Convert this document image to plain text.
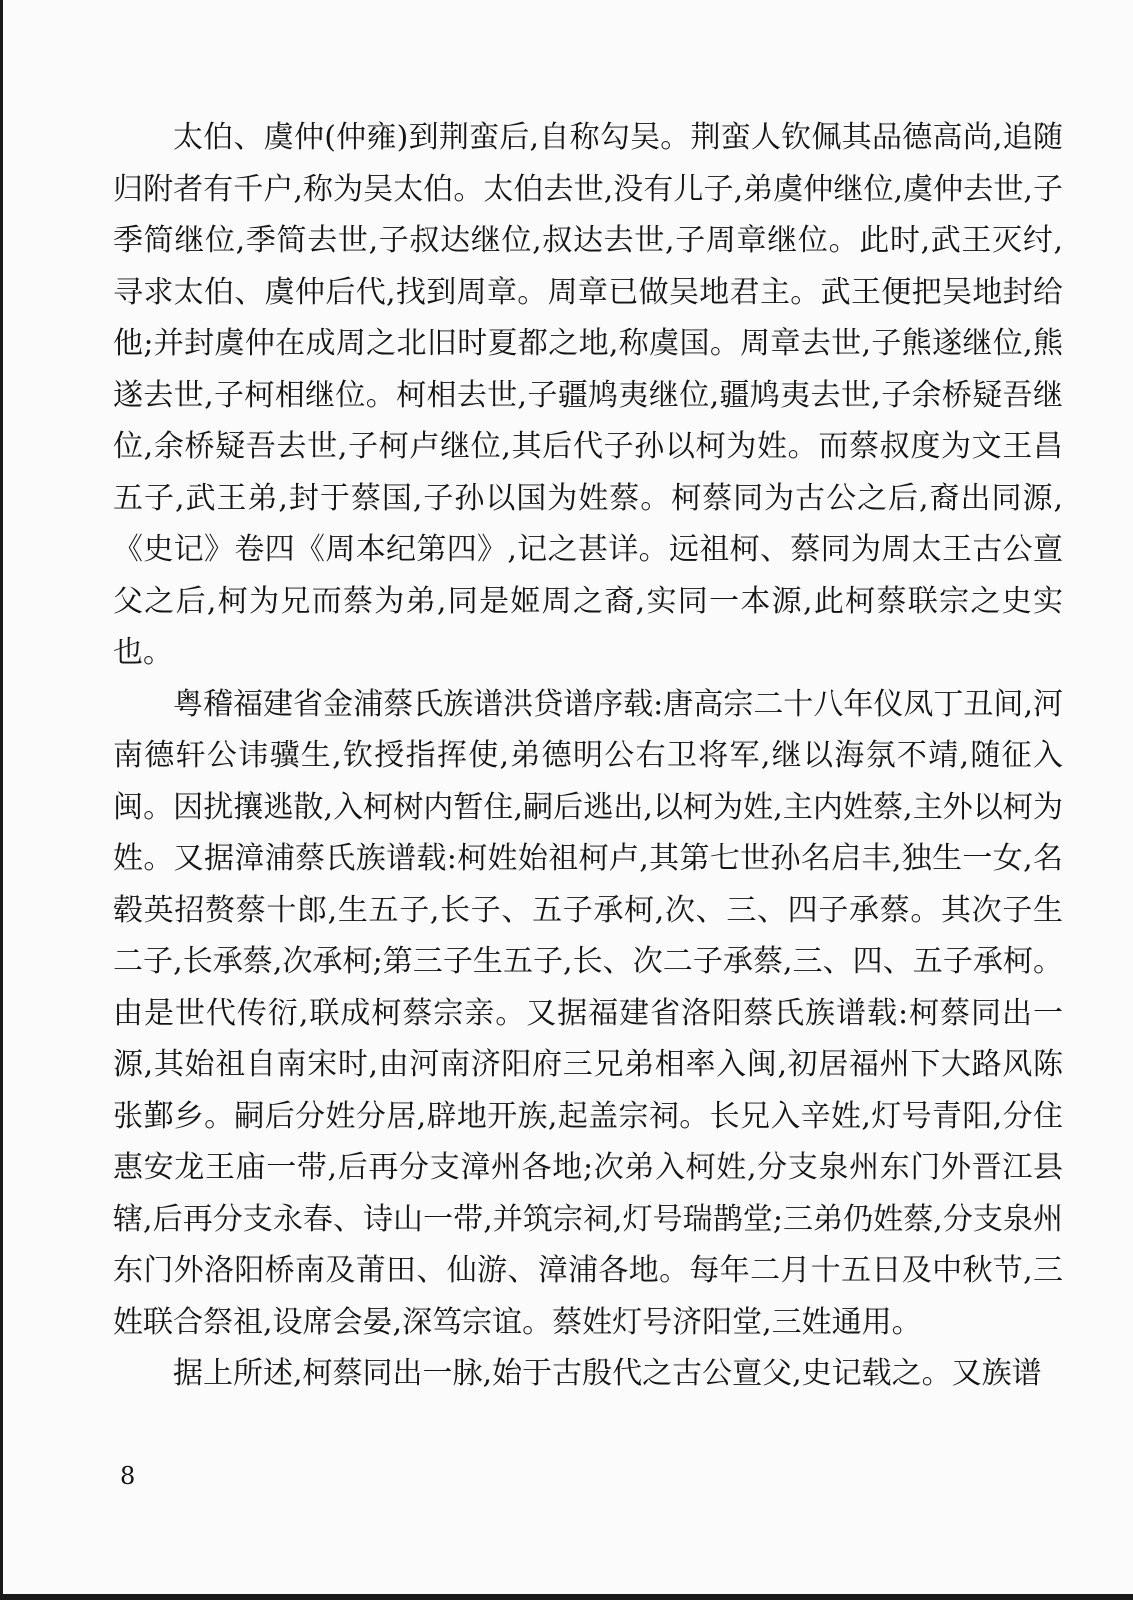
太伯、虞仲(仲雍)到荆蛮后,自称勾吴。荆蛮人钦佩其品德高尚,追随归附者有千户,称为吴太伯。太伯去世,没有儿子,弟虞仲继位,虞仲去世,子季简继位,季简去世,子叔达继位,叔达去世,子周章继位。此时,武王灭纣,寻求太伯、虞仲后代,找到周章。周章已做吴地君主。武王便把吴地封给他;并封虞仲在成周之北旧时夏都之地,称虞国。周章去世,子熊遂继位,熊遂去世,子柯相继位。柯相去世,子疆鸠夷继位,疆鸠夷去世,子余桥疑吾继位,余桥疑吾去世,子柯卢继位,其后代子孙以柯为姓。而蔡叔度为文王昌五子,武王弟,封于蔡国,子孙以国为姓蔡。柯蔡同为古公之后,裔出同源,《史记》卷四《周本纪第四》,记之甚详。远祖柯、蔡同为周太王古公亶父之后,柯为兄而蔡为弟,同是姬周之裔,实同一本源,此柯蔡联宗之史实也。

粤稽福建省金浦蔡氏族谱洪贷谱序载:唐高宗二十八年仪凤丁丑间,河南德轩公讳骥生,钦授指挥使,弟德明公右卫将军,继以海氛不靖,随征入闽。因扰攘逃散,入柯树内暂住,嗣后逃出,以柯为姓,主内姓蔡,主外以柯为姓。又据漳浦蔡氏族谱载:柯姓始祖柯卢,其第七世孙名启丰,独生一女,名毂英招赘蔡十郎,生五子,长子、五子承柯,次、三、四子承蔡。其次子生二子,长承蔡,次承柯;第三子生五子,长、次二子承蔡,三、四、五子承柯。由是世代传衍,联成柯蔡宗亲。又据福建省洛阳蔡氏族谱载:柯蔡同出一源,其始祖自南宋时,由河南济阳府三兄弟相率入闽,初居福州下大路风陈张鄞乡。嗣后分姓分居,辟地开族,起盖宗祠。长兄入辛姓,灯号青阳,分住惠安龙王庙一带,后再分支漳州各地;次弟入柯姓,分支泉州东门外晋江县辖,后再分支永春、诗山一带,并筑宗祠,灯号瑞鹊堂;三弟仍姓蔡,分支泉州东门外洛阳桥南及莆田、仙游、漳浦各地。每年二月十五日及中秋节,三姓联合祭祖,设席会晏,深笃宗谊。蔡姓灯号济阳堂,三姓通用。

据上所述,柯蔡同出一脉,始于古殷代之古公亶父,史记载之。又族谱

8
